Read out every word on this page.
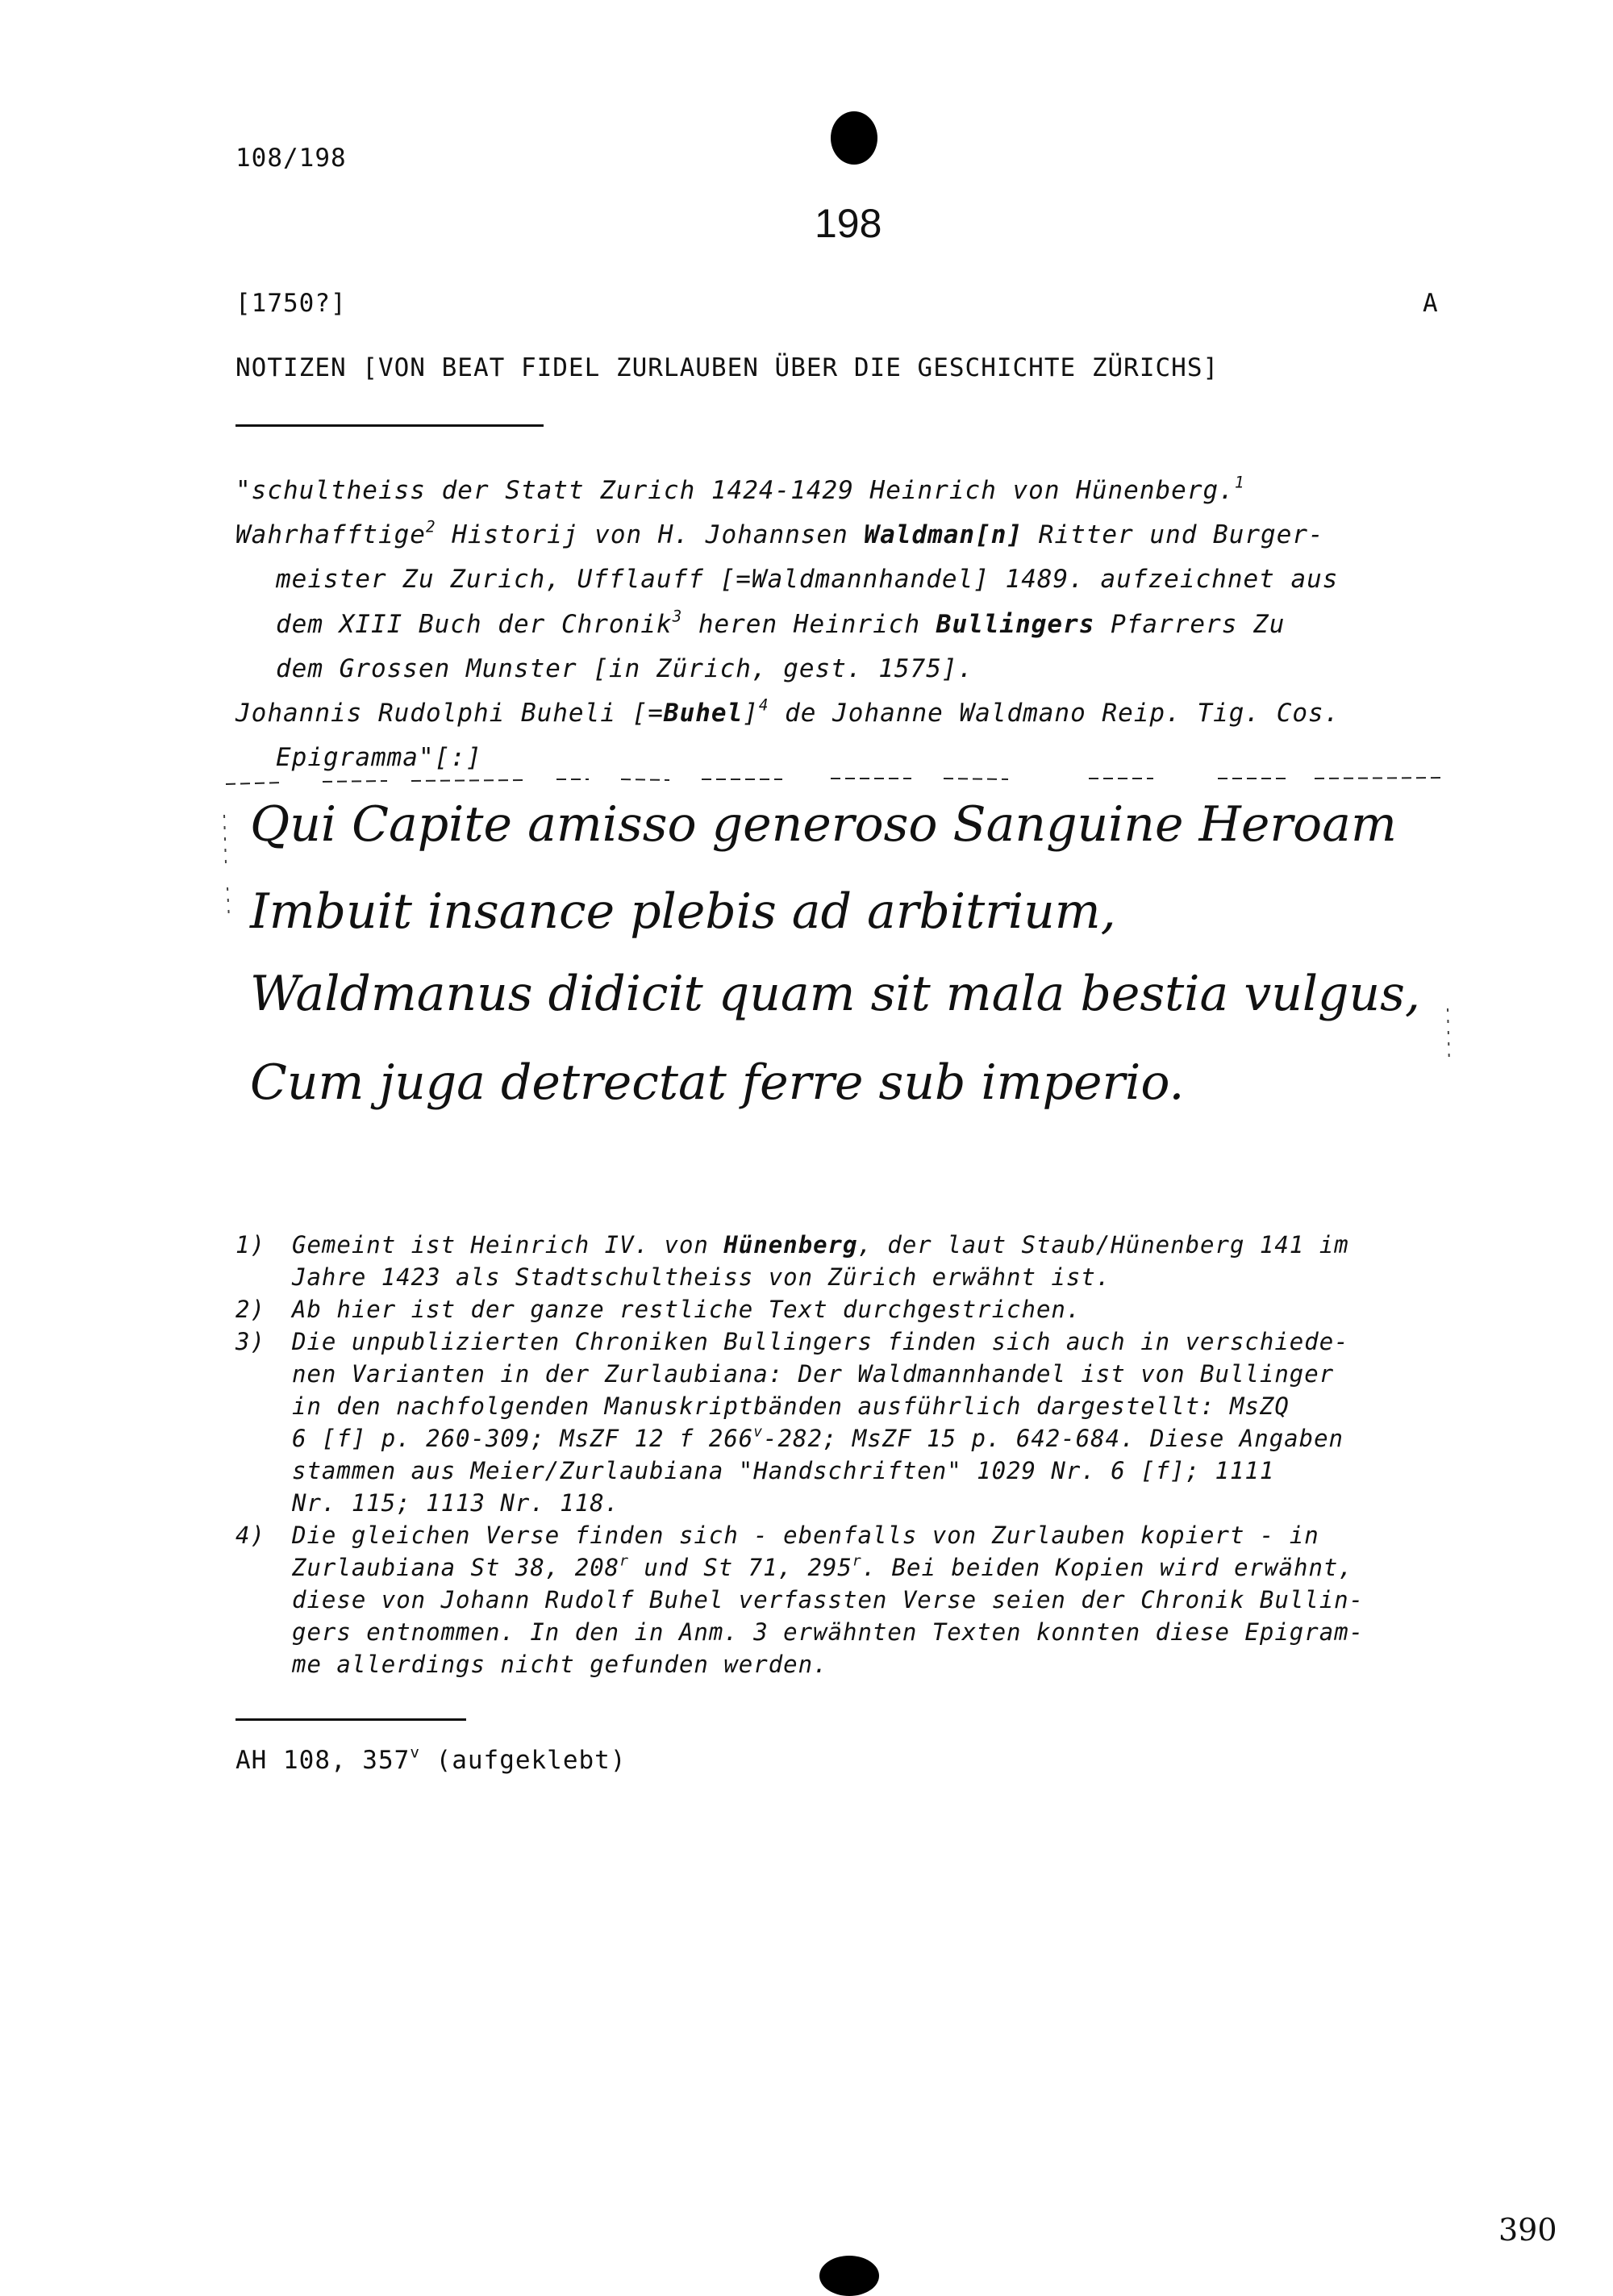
108/198
198
[1750?]	A
NOTIZEN [VON BEAT FIDEL ZURLAUBEN ÜBER DIE GESCHICHTE ZÜRICHS]
"schultheiss der Statt Zurich 1424-1429 Heinrich von Hünenberg.$^1$
Wahrhafftige$^2$ Historij von H. Johannsen Waldman[n] Ritter und Burger-
meister Zu Zurich, Ufflauff [=Waldmannhandel] 1489. aufzeichnet aus
dem XIII Buch der Chronik$^3$ heren Heinrich Bullingers Pfarrers Zu
dem Grossen Munster [in Zürich, gest. 1575].
Johannis Rudolphi Buheli [=Buhel]$^4$ de Johanne Waldmano Reip. Tig. Cos.
Epigramma"[:]
Qui Capite amisso generoso Sanguine Heroam
Imbuit insance plebis ad arbitrium,
Waldmanus didicit quam sit mala bestia vulgus,
Cum juga detrectat ferre sub imperio.
1) Gemeint ist Heinrich IV. von Hünenberg, der laut Staub/Hünenberg 141 im
Jahre 1423 als Stadtschultheiss von Zürich erwähnt ist.
2) Ab hier ist der ganze restliche Text durchgestrichen.
3) Die unpublizierten Chroniken Bullingers finden sich auch in verschiede-
nen Varianten in der Zurlaubiana: Der Waldmannhandel ist von Bullinger
in den nachfolgenden Manuskriptbänden ausführlich dargestellt: MsZQ
6 [f] p. 260-309; MsZF 12 f 266$^v$-282; MsZF 15 p. 642-684. Diese Angaben
stammen aus Meier/Zurlaubiana "Handschriften" 1029 Nr. 6 [f]; 1111
Nr. 115; 1113 Nr. 118.
4) Die gleichen Verse finden sich - ebenfalls von Zurlauben kopiert - in
Zurlaubiana St 38, 208$^r$ und St 71, 295$^r$. Bei beiden Kopien wird erwähnt,
diese von Johann Rudolf Buhel verfassten Verse seien der Chronik Bullin-
gers entnommen. In den in Anm. 3 erwähnten Texten konnten diese Epigram-
me allerdings nicht gefunden werden.
AH 108, 357$^v$ (aufgeklebt)
390
